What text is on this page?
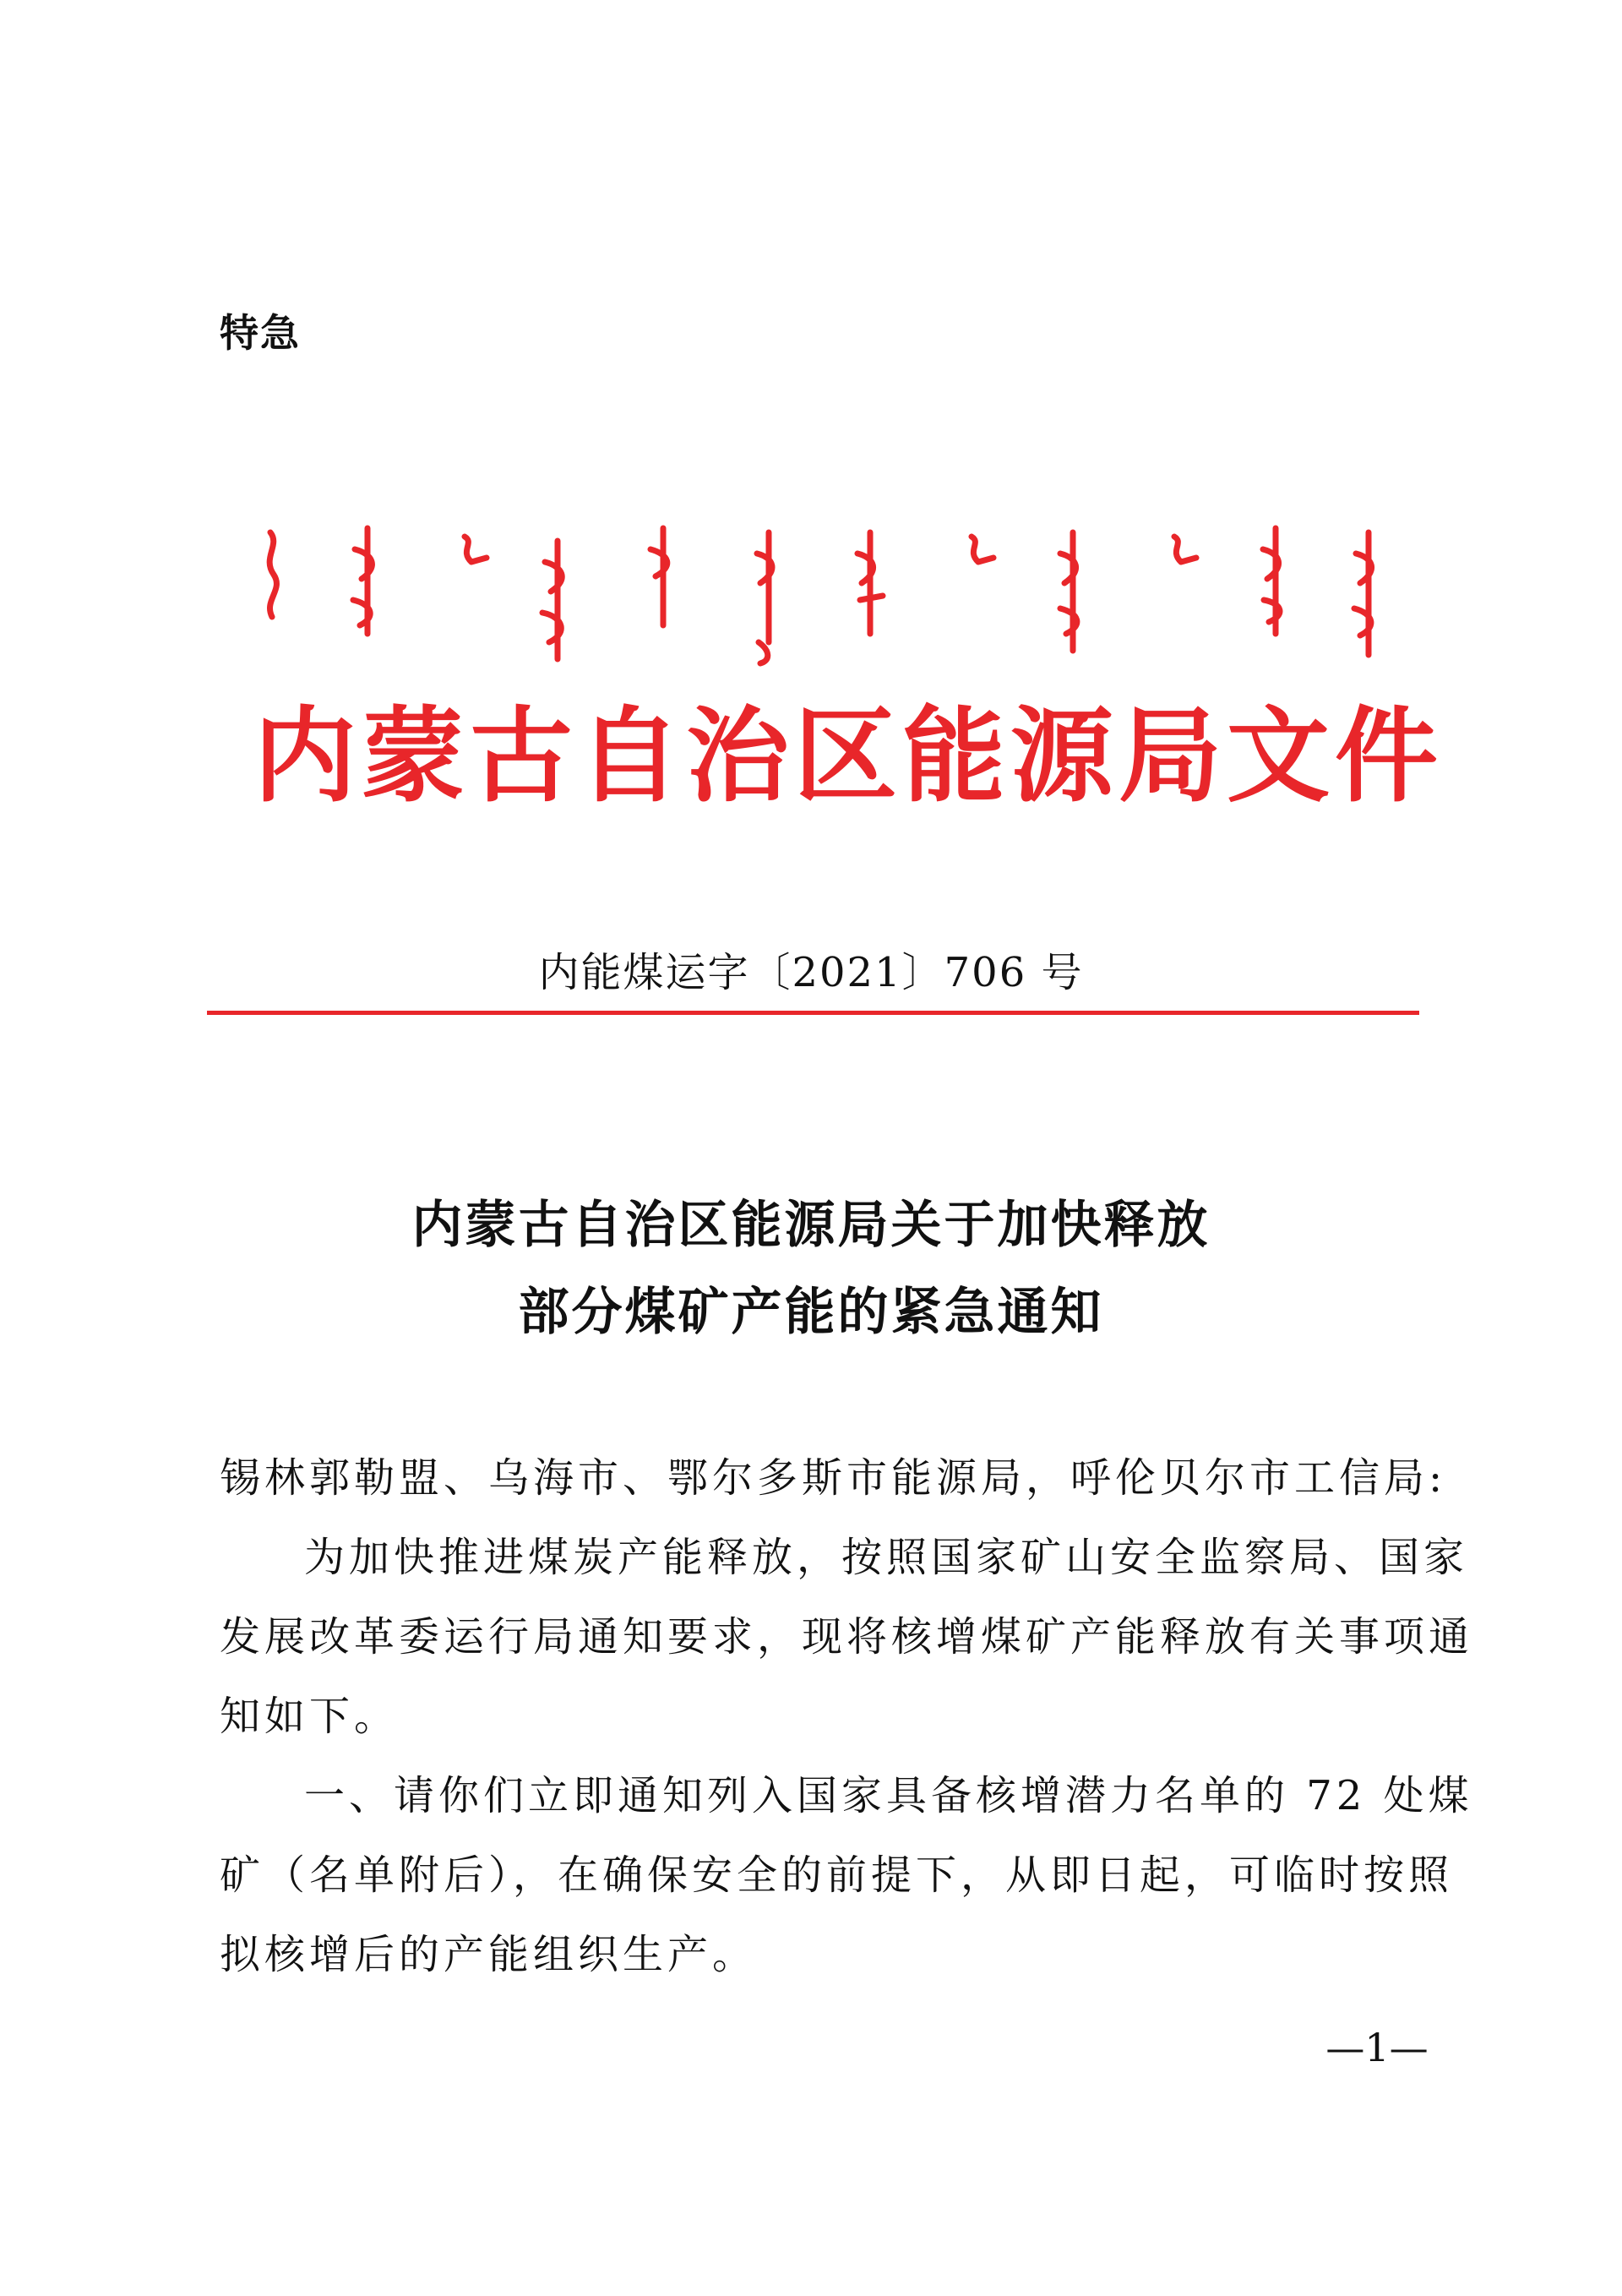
特急
内蒙古自治区能源局文件
内能煤运字〔2021〕706 号
内蒙古自治区能源局关于加快释放
部分煤矿产能的紧急通知
锡林郭勒盟、乌海市、鄂尔多斯市能源局，呼伦贝尔市工信局:
为加快推进煤炭产能释放，按照国家矿山安全监察局、国家
发展改革委运行局通知要求，现将核增煤矿产能释放有关事项通
知如下。
一、请你们立即通知列入国家具备核增潜力名单的 72 处煤
矿（名单附后），在确保安全的前提下，从即日起，可临时按照
拟核增后的产能组织生产。
—1—
